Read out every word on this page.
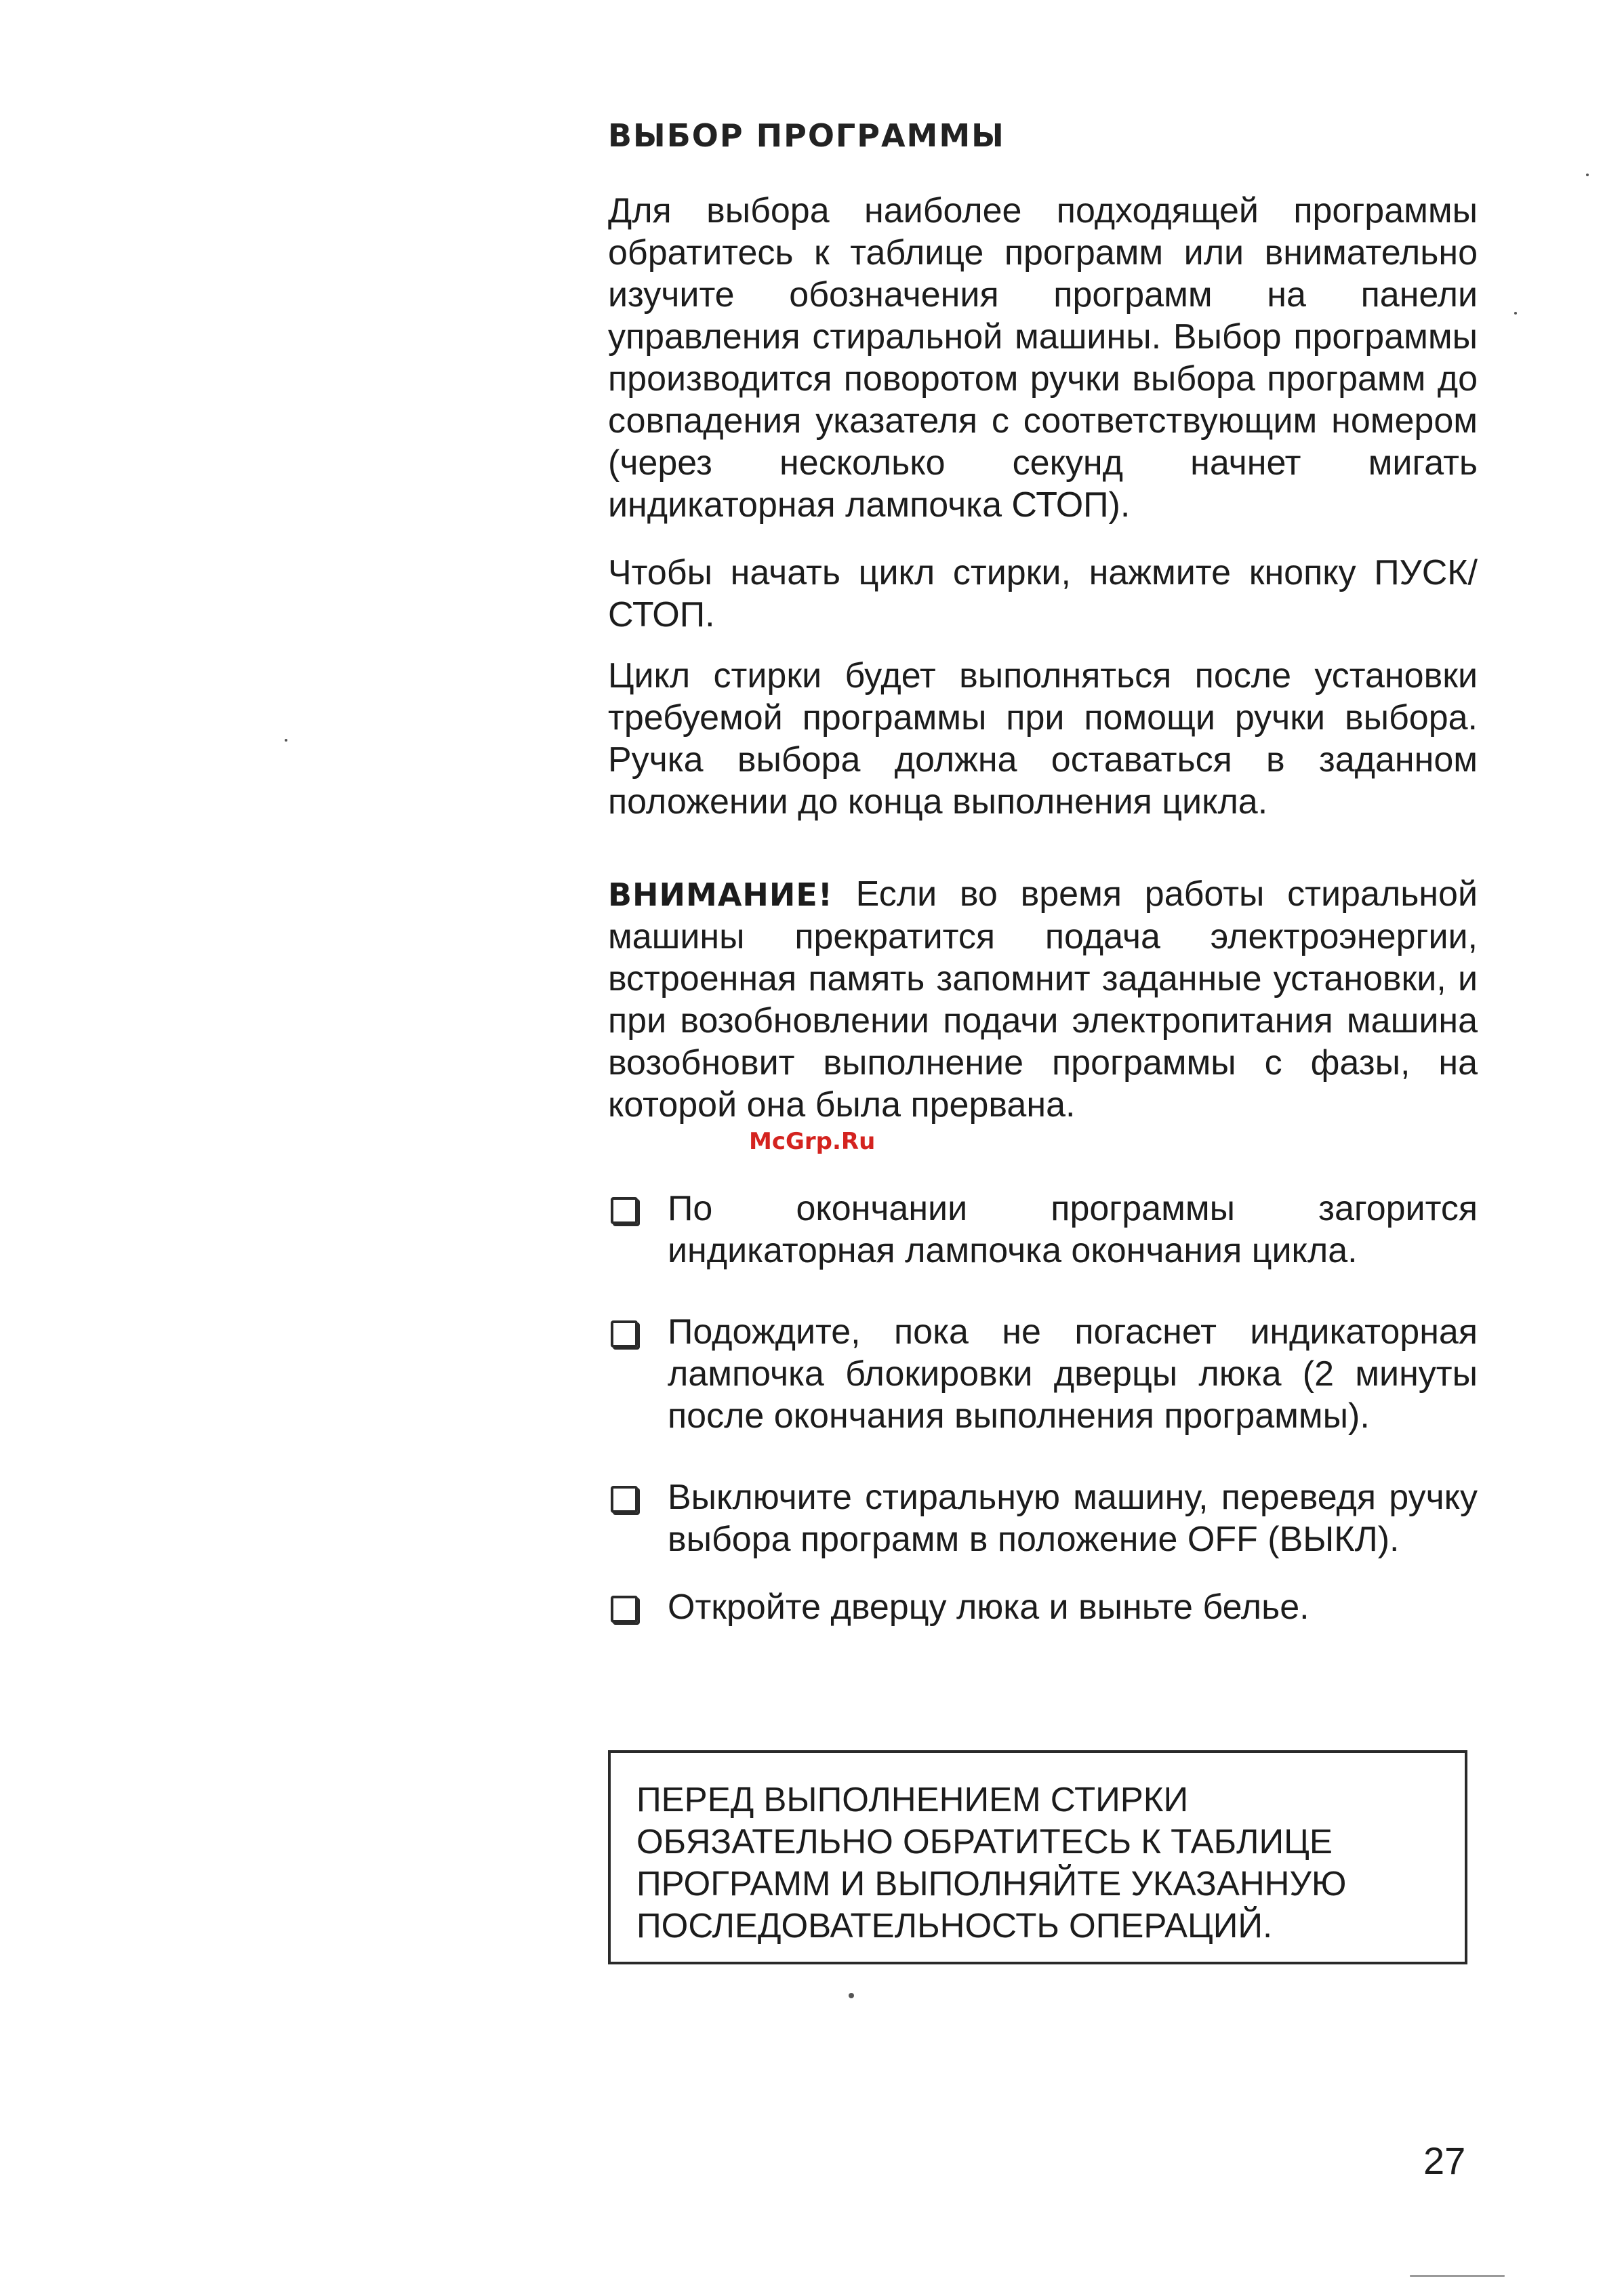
ВЫБОР ПРОГРАММЫ

Для выбора наиболее подходящей программы обратитесь к таблице программ или внимательно изучите обозначения программ на панели управления стиральной машины. Выбор программы производится поворотом ручки выбора программ до совпадения указателя с соответствующим номером (через несколько секунд начнет мигать индикаторная лампочка СТОП).

Чтобы начать цикл стирки, нажмите кнопку ПУСК/СТОП.

Цикл стирки будет выполняться после установки требуемой программы при помощи ручки выбора. Ручка выбора должна оставаться в заданном положении до конца выполнения цикла.

ВНИМАНИЕ! Если во время работы стиральной машины прекратится подача электроэнергии, встроенная память запомнит заданные установки, и при возобновлении подачи электропитания машина возобновит выполнение программы с фазы, на которой она была прервана.

McGrp.Ru
По окончании программы загорится индикаторная лампочка окончания цикла.
Подождите, пока не погаснет индикаторная лампочка блокировки дверцы люка (2 минуты после окончания выполнения программы).
Выключите стиральную машину, переведя ручку выбора программ в положение OFF (ВЫКЛ).
Откройте дверцу люка и выньте белье.
ПЕРЕД ВЫПОЛНЕНИЕМ СТИРКИ
ОБЯЗАТЕЛЬНО ОБРАТИТЕСЬ К ТАБЛИЦЕ
ПРОГРАММ И ВЫПОЛНЯЙТЕ УКАЗАННУЮ
ПОСЛЕДОВАТЕЛЬНОСТЬ ОПЕРАЦИЙ.
27
